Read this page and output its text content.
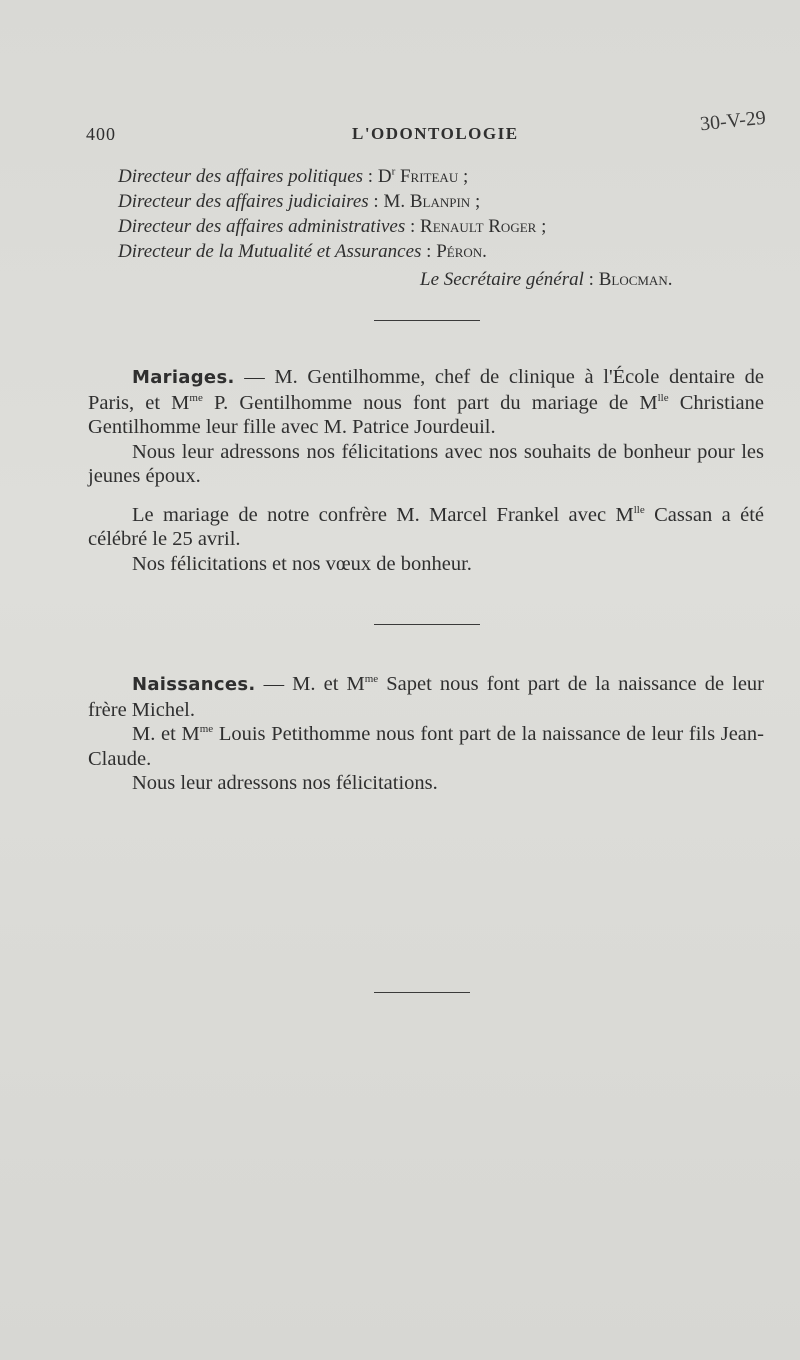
400	L'ODONTOLOGIE	30-V-29
Directeur des affaires politiques : $D^r$ Friteau ;
Directeur des affaires judiciaires : M. Blanpin ;
Directeur des affaires administratives : Renault Roger ;
Directeur de la Mutualité et Assurances : Péron.
Le Secrétaire général : Blocman.

Mariages. — M. Gentilhomme, chef de clinique à l'École dentaire de Paris, et $M^{me}$ P. Gentilhomme nous font part du mariage de $M^{lle}$ Christiane Gentilhomme leur fille avec M. Patrice Jourdeuil.

Nous leur adressons nos félicitations avec nos souhaits de bonheur pour les jeunes époux.

Le mariage de notre confrère M. Marcel Frankel avec $M^{lle}$ Cassan a été célébré le 25 avril.

Nos félicitations et nos vœux de bonheur.

Naissances. — M. et $M^{me}$ Sapet nous font part de la naissance de leur frère Michel.

M. et $M^{me}$ Louis Petithomme nous font part de la naissance de leur fils Jean-Claude.

Nous leur adressons nos félicitations.
